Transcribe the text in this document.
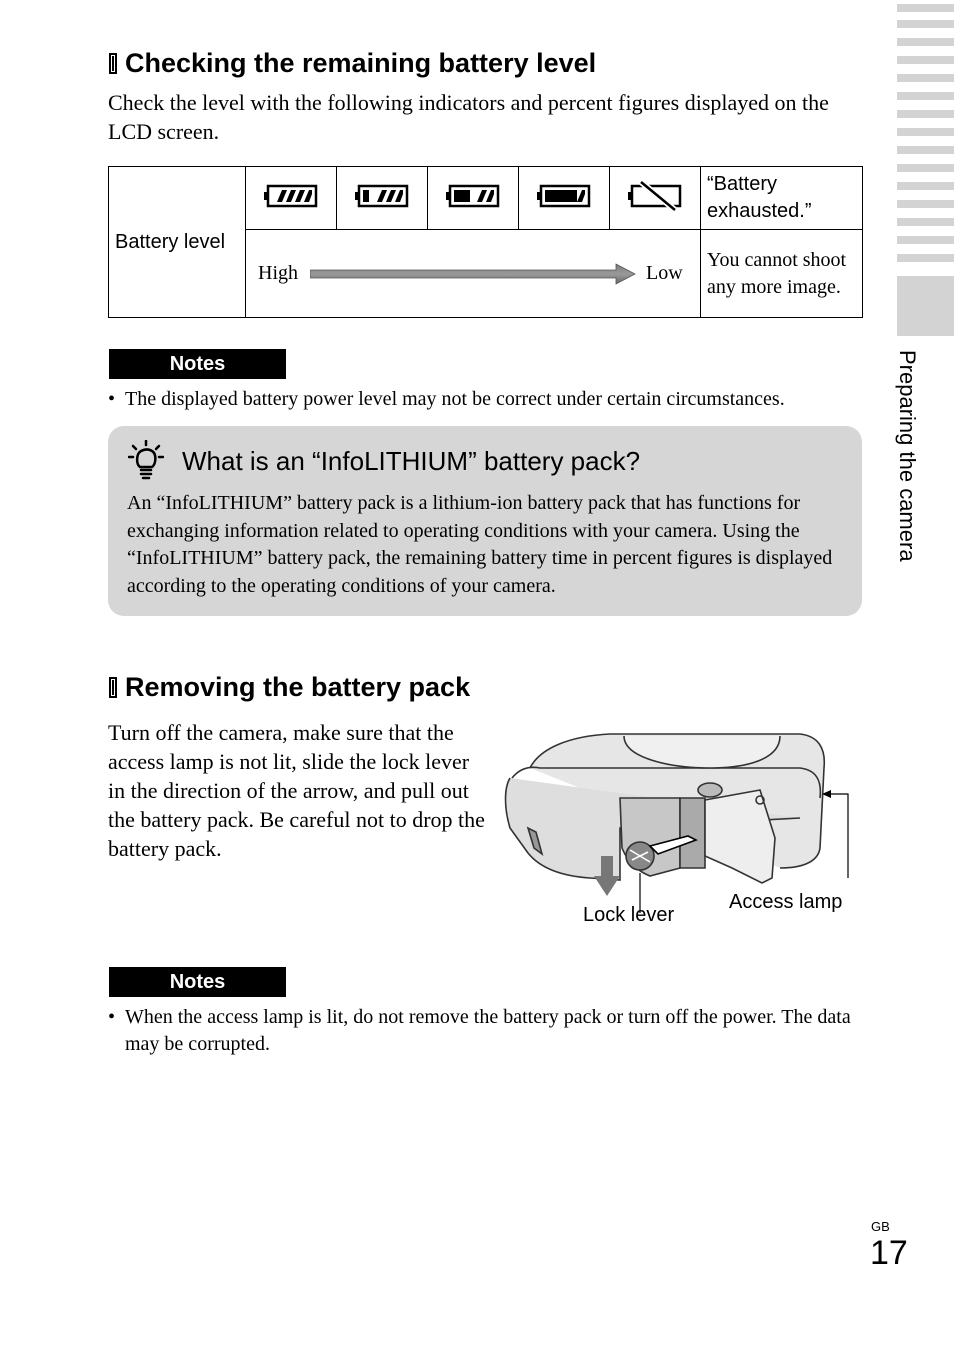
Preparing the camera
Checking the remaining battery level
Check the level with the following indicators and percent figures displayed on the LCD screen.
Battery level						“Battery exhausted.”

	High Low					You cannot shoot any more image.
Notes
• The displayed battery power level may not be correct under certain circumstances.
What is an “InfoLITHIUM” battery pack?
An “InfoLITHIUM” battery pack is a lithium-ion battery pack that has functions for exchanging information related to operating conditions with your camera. Using the “InfoLITHIUM” battery pack, the remaining battery time in percent figures is displayed according to the operating conditions of your camera.
Removing the battery pack
Turn off the camera, make sure that the access lamp is not lit, slide the lock lever in the direction of the arrow, and pull out the battery pack. Be careful not to drop the battery pack.
Lock lever
Access lamp
Notes
• When the access lamp is lit, do not remove the battery pack or turn off the power. The data may be corrupted.
GB
17
